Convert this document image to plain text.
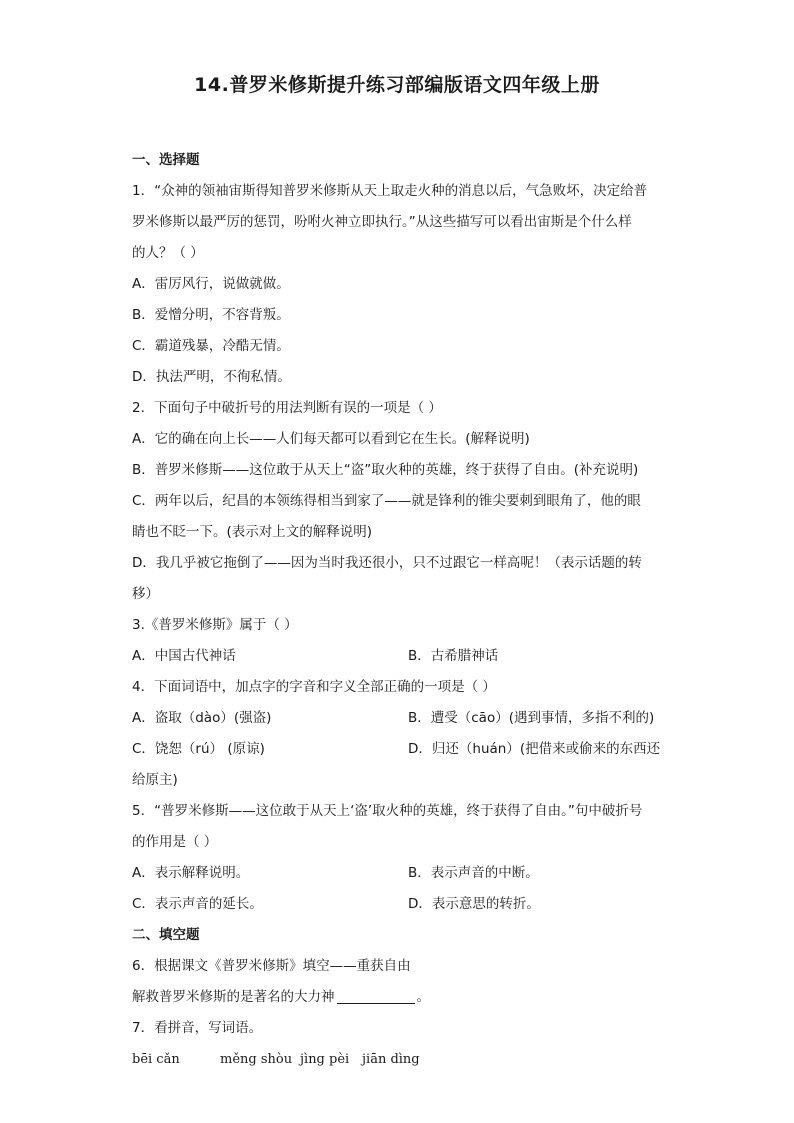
14.普罗米修斯提升练习部编版语文四年级上册
一、选择题
1．“众神的领袖宙斯得知普罗米修斯从天上取走火种的消息以后，气急败坏，决定给普
罗米修斯以最严厉的惩罚，吩咐火神立即执行。”从这些描写可以看出宙斯是个什么样
的人？（ ）
A．雷厉风行，说做就做。
B．爱憎分明，不容背叛。
C．霸道残暴，冷酷无情。
D．执法严明，不徇私情。
2．下面句子中破折号的用法判断有误的一项是（ ）
A．它的确在向上长——人们每天都可以看到它在生长。(解释说明)
B．普罗米修斯——这位敢于从天上“盗”取火种的英雄，终于获得了自由。(补充说明)
C．两年以后，纪昌的本领练得相当到家了——就是锋利的锥尖要刺到眼角了，他的眼
睛也不眨一下。(表示对上文的解释说明)
D．我几乎被它拖倒了——因为当时我还很小，只不过跟它一样高呢！（表示话题的转
移）
3.《普罗米修斯》属于（ ）
A．中国古代神话	B．古希腊神话
4．下面词语中，加点字的字音和字义全部正确的一项是（ ）
A．盗取（dào）(强盗)	B．遭受（cāo）(遇到事情，多指不利的)
C．饶恕（rú） (原谅)	D．归还（huán）(把借来或偷来的东西还
给原主)
5．“普罗米修斯——这位敢于从天上‘盗’取火种的英雄，终于获得了自由。”句中破折号
的作用是（ ）
A．表示解释说明。	B．表示声音的中断。
C．表示声音的延长。	D．表示意思的转折。
二、填空题
6．根据课文《普罗米修斯》填空——重获自由
解救普罗米修斯的是著名的大力神	。
7．看拼音，写词语。
bēi cǎn	měng shòu jìng pèi jiān dìng
